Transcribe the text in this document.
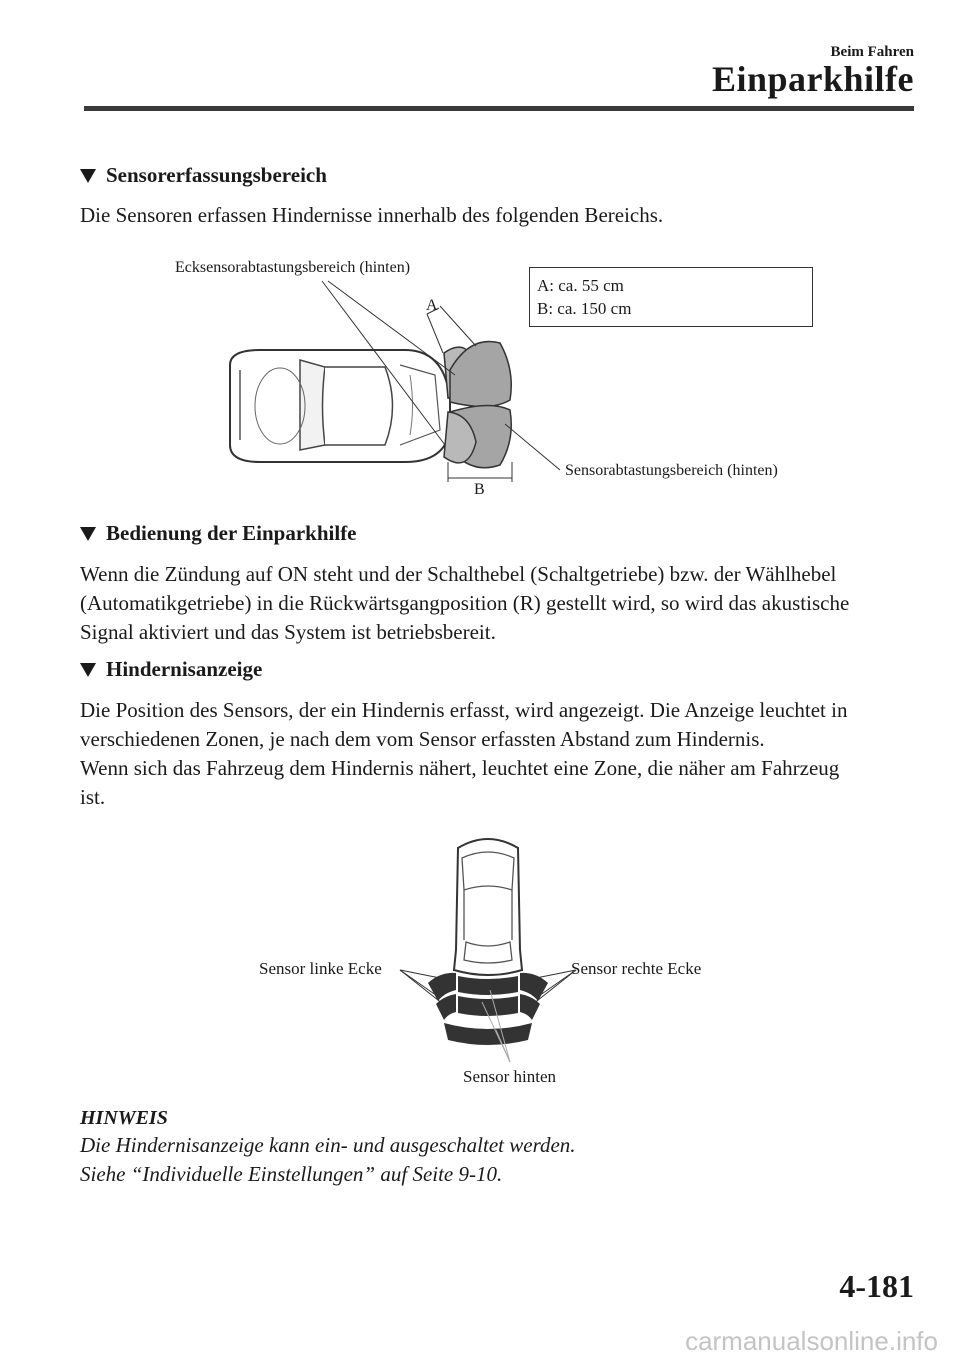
Beim Fahren
Einparkhilfe
Sensorerfassungsbereich

Die Sensoren erfassen Hindernisse innerhalb des folgenden Bereichs.

Ecksensorabtastungsbereich (hinten)
A
B
Sensorabtastungsbereich (hinten)
A: ca. 55 cm
B: ca. 150 cm
Bedienung der Einparkhilfe

Wenn die Zündung auf ON steht und der Schalthebel (Schaltgetriebe) bzw. der Wählhebel

(Automatikgetriebe) in die Rückwärtsgangposition (R) gestellt wird, so wird das akustische

Signal aktiviert und das System ist betriebsbereit.

Hindernisanzeige

Die Position des Sensors, der ein Hindernis erfasst, wird angezeigt. Die Anzeige leuchtet in

verschiedenen Zonen, je nach dem vom Sensor erfassten Abstand zum Hindernis.

Wenn sich das Fahrzeug dem Hindernis nähert, leuchtet eine Zone, die näher am Fahrzeug

ist.

Sensor linke Ecke	Sensor rechte Ecke
Sensor hinten
HINWEIS
Die Hindernisanzeige kann ein- und ausgeschaltet werden.
Siehe “Individuelle Einstellungen” auf Seite 9-10.
4-181
carmanualsonline.info
